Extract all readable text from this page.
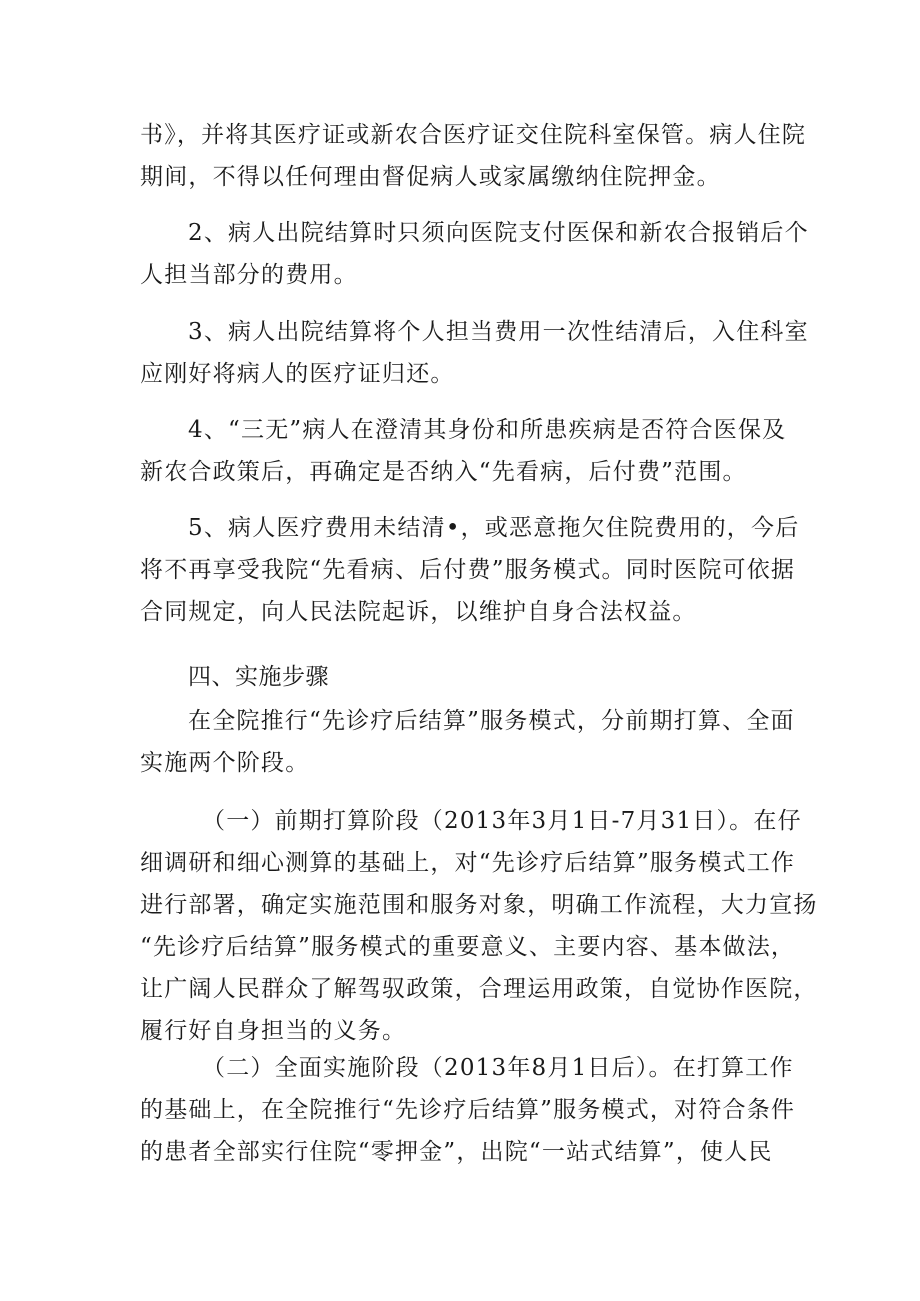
书》，并将其医疗证或新农合医疗证交住院科室保管。病人住院
期间，不得以任何理由督促病人或家属缴纳住院押金。
2、病人出院结算时只须向医院支付医保和新农合报销后个
人担当部分的费用。
3、病人出院结算将个人担当费用一次性结清后，入住科室
应刚好将病人的医疗证归还。
4、“三无”病人在澄清其身份和所患疾病是否符合医保及
新农合政策后，再确定是否纳入“先看病，后付费”范围。
5、病人医疗费用未结清•，或恶意拖欠住院费用的，今后
将不再享受我院“先看病、后付费”服务模式。同时医院可依据
合同规定，向人民法院起诉，以维护自身合法权益。
四、实施步骤
在全院推行“先诊疗后结算”服务模式，分前期打算、全面
实施两个阶段。
（一）前期打算阶段（2013年3月1日-7月31日）。在仔
细调研和细心测算的基础上，对“先诊疗后结算”服务模式工作
进行部署，确定实施范围和服务对象，明确工作流程，大力宣扬
“先诊疗后结算”服务模式的重要意义、主要内容、基本做法，
让广阔人民群众了解驾驭政策，合理运用政策，自觉协作医院，
履行好自身担当的义务。
（二）全面实施阶段（2013年8月1日后）。在打算工作
的基础上，在全院推行“先诊疗后结算”服务模式，对符合条件
的患者全部实行住院“零押金”，出院“一站式结算”，使人民
